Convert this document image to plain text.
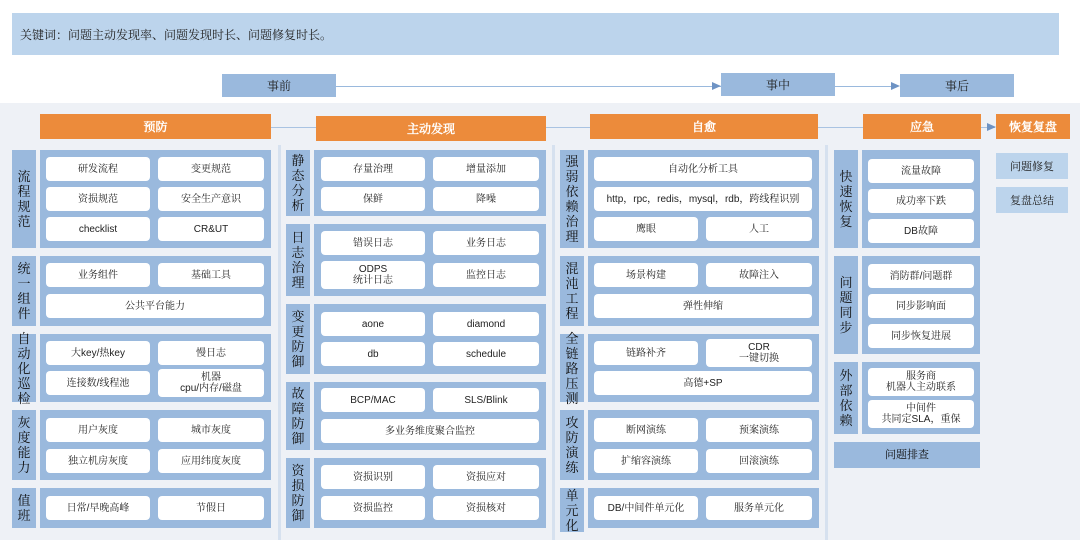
关键词：问题主动发现率、问题发现时长、问题修复时长。
事前	事中	事后
预防	主动发现	自愈	应急	恢复复盘
流
程
规
范
研发流程	变更规范
资损规范	安全生产意识
checklist	CR&UT
统
一
组
件
业务组件	基础工具
公共平台能力
自
动
化
巡
检
大key/热key	慢日志
连接数/线程池	机器
cpu/内存/磁盘
灰
度
能
力
用户灰度	城市灰度
独立机房灰度	应用纬度灰度
值
班	日常/早晚高峰	节假日
静
态
分
析
存量治理	增量添加
保鲜	降噪
日
志
治
理
错误日志	业务日志
ODPS
统计日志	监控日志
变
更
防
御
aone	diamond
db	schedule
故
障
防
御
BCP/MAC	SLS/Blink
多业务维度聚合监控
资
损
防
御
资损识别	资损应对
资损监控	资损核对
强
弱
依
赖
治
理
自动化分析工具
http，rpc，redis，mysql，rdb，跨线程识别
鹰眼	人工
混
沌
工
程
场景构建	故障注入
弹性伸缩
全
链
路
压
测
链路补齐	CDR
一键切换
高德+SP
攻
防
演
练
断网演练	预案演练
扩缩容演练	回滚演练
单
元
化
DB/中间件单元化	服务单元化
快
速
恢
复
流量故障
成功率下跌
DB故障
问
题
同
步
消防群/问题群
同步影响面
同步恢复进展
外
部
依
赖
服务商
机器人主动联系
中间件
共同定SLA，重保
问题排查
问题修复
复盘总结
